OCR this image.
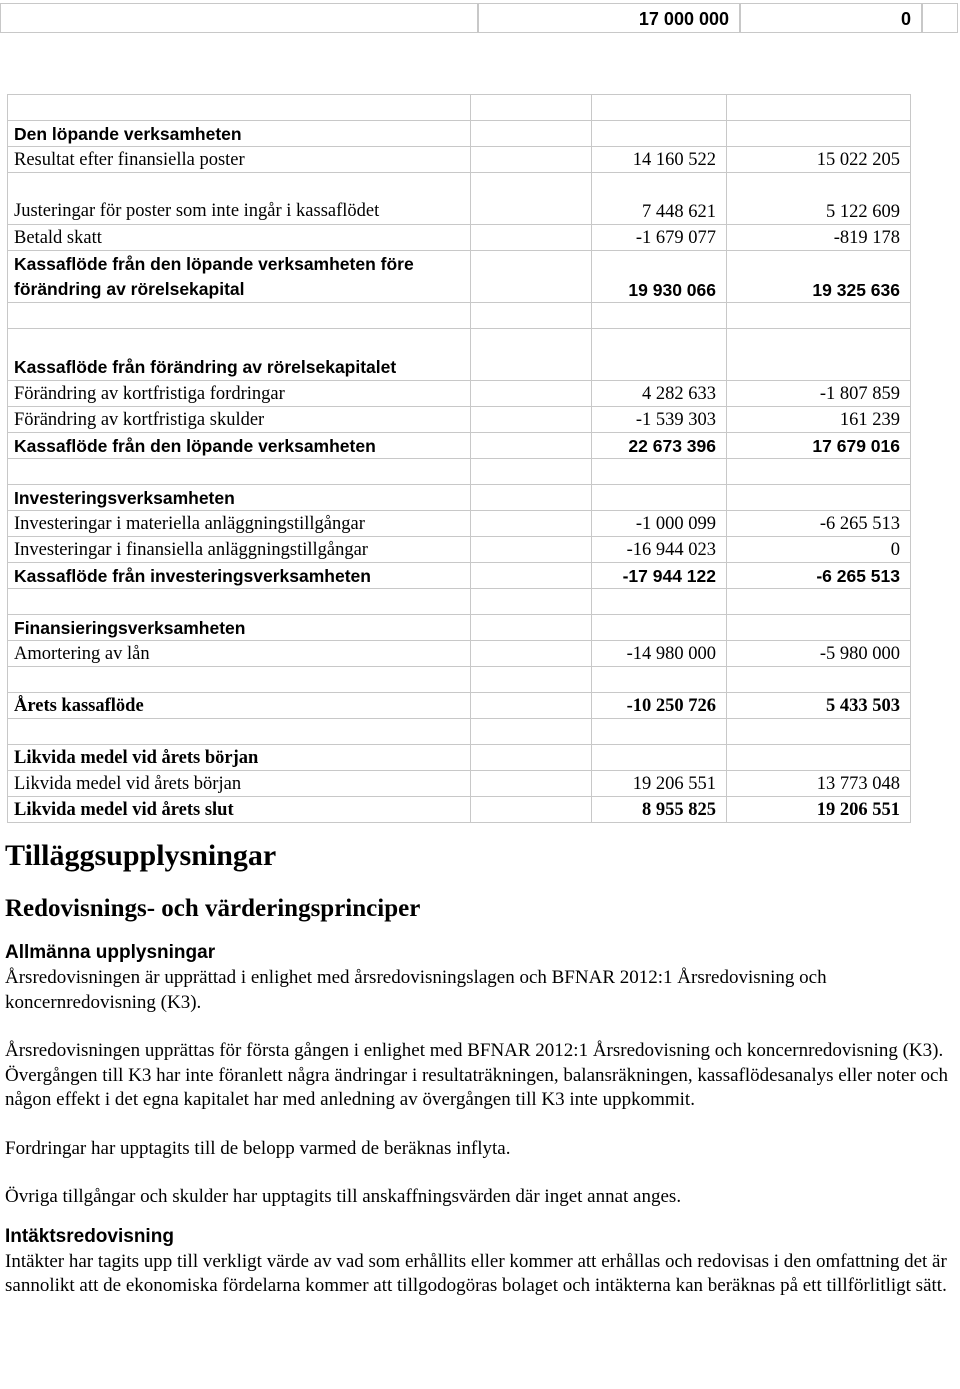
17 000 000	0

Den löpande verksamheten			
Resultat efter finansiella poster		14 160 522	15 022 205
Justeringar för poster som inte ingår i kassaflödet		7 448 621	5 122 609
Betald skatt		-1 679 077	-819 178
Kassaflöde från den löpande verksamheten före förändring av rörelsekapital		19 930 066	19 325 636

Kassaflöde från förändring av rörelsekapitalet			
Förändring av kortfristiga fordringar		4 282 633	-1 807 859
Förändring av kortfristiga skulder		-1 539 303	161 239
Kassaflöde från den löpande verksamheten		22 673 396	17 679 016

Investeringsverksamheten			
Investeringar i materiella anläggningstillgångar		-1 000 099	-6 265 513
Investeringar i finansiella anläggningstillgångar		-16 944 023	0
Kassaflöde från investeringsverksamheten		-17 944 122	-6 265 513

Finansieringsverksamheten			
Amortering av lån		-14 980 000	-5 980 000

Årets kassaflöde		-10 250 726	5 433 503

Likvida medel vid årets början			
Likvida medel vid årets början		19 206 551	13 773 048
Likvida medel vid årets slut		8 955 825	19 206 551
Tilläggsupplysningar
Redovisnings- och värderingsprinciper
Allmänna upplysningar

Årsredovisningen är upprättad i enlighet med årsredovisningslagen och BFNAR 2012:1 Årsredovisning och koncernredovisning (K3).

Årsredovisningen upprättas för första gången i enlighet med BFNAR 2012:1 Årsredovisning och koncernredovisning (K3). Övergången till K3 har inte föranlett några ändringar i resultaträkningen, balansräkningen, kassaflödesanalys eller noter och någon effekt i det egna kapitalet har med anledning av övergången till K3 inte uppkommit.

Fordringar har upptagits till de belopp varmed de beräknas inflyta.

Övriga tillgångar och skulder har upptagits till anskaffningsvärden där inget annat anges.

Intäktsredovisning

Intäkter har tagits upp till verkligt värde av vad som erhållits eller kommer att erhållas och redovisas i den omfattning det är sannolikt att de ekonomiska fördelarna kommer att tillgodogöras bolaget och intäkterna kan beräknas på ett tillförlitligt sätt.
